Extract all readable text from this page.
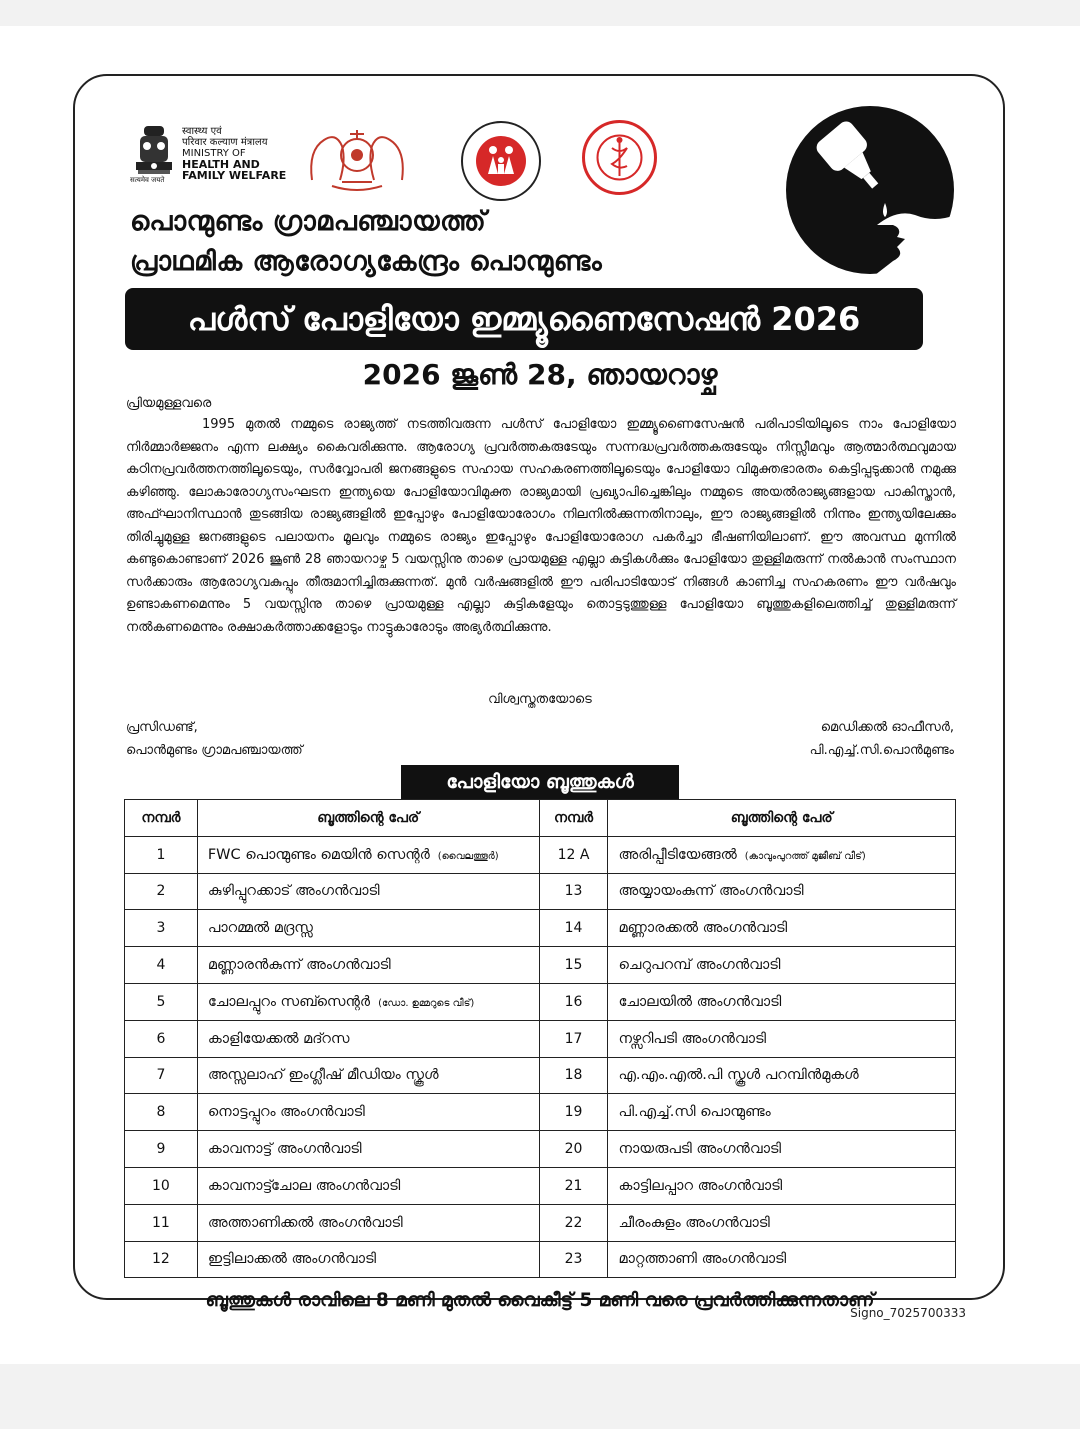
सत्यमेव जयते
स्वास्थ्य एवं
परिवार कल्याण मंत्रालय
MINISTRY OF
HEALTH AND
FAMILY WELFARE
പൊന്മുണ്ടം ഗ്രാമപഞ്ചായത്ത്
പ്രാഥമിക ആരോഗ്യകേന്ദ്രം പൊന്മുണ്ടം
പൾസ് പോളിയോ ഇമ്മ്യൂണൈസേഷൻ 2026
2026 ജൂൺ 28, ഞായറാഴ്ച
പ്രിയമുള്ളവരെ
1995 മുതൽ നമ്മുടെ രാജ്യത്ത് നടത്തിവരുന്ന പൾസ് പോളിയോ ഇമ്മ്യൂണൈസേഷൻ പരിപാടിയിലൂടെ നാം പോളിയോ നിർമ്മാർജ്ജനം എന്ന ലക്ഷ്യം കൈവരിക്കുന്നു. ആരോഗ്യ പ്രവർത്തകരുടേയും സന്നദ്ധപ്രവർത്തകരുടേയും നിസ്സീമവും ആത്മാർത്ഥവുമായ കഠിനപ്രവർത്തനത്തിലൂടെയും, സർവ്വോപരി ജനങ്ങളുടെ സഹായ സഹകരണത്തിലൂടെയും പോളിയോ വിമുക്തഭാരതം കെട്ടിപ്പടുക്കാൻ നമുക്കു കഴിഞ്ഞു. ലോകാരോഗ്യസംഘടന ഇന്ത്യയെ പോളിയോവിമുക്ത രാജ്യമായി പ്രഖ്യാപിച്ചെങ്കിലും നമ്മുടെ അയൽരാജ്യങ്ങളായ പാകിസ്താൻ, അഫ്ഘാനിസ്ഥാൻ തുടങ്ങിയ രാജ്യങ്ങളിൽ ഇപ്പോഴും പോളിയോരോഗം നിലനിൽക്കുന്നതിനാലും, ഈ രാജ്യങ്ങളിൽ നിന്നും ഇന്ത്യയിലേക്കും തിരിച്ചുമുള്ള ജനങ്ങളുടെ പലായനം മൂലവും നമ്മുടെ രാജ്യം ഇപ്പോഴും പോളിയോരോഗ പകർച്ചാ ഭീഷണിയിലാണ്. ഈ അവസ്ഥ മുന്നിൽ കണ്ടുകൊണ്ടാണ് 2026 ജൂൺ 28 ഞായറാഴ്ച 5 വയസ്സിനു താഴെ പ്രായമുള്ള എല്ലാ കുട്ടികൾക്കും പോളിയോ തുള്ളിമരുന്ന് നൽകാൻ സംസ്ഥാന സർക്കാരും ആരോഗ്യവകുപ്പും തീരുമാനിച്ചിരുക്കുന്നത്. മുൻ വർഷങ്ങളിൽ ഈ പരിപാടിയോട് നിങ്ങൾ കാണിച്ച സഹകരണം ഈ വർഷവും ഉണ്ടാകണമെന്നും 5 വയസ്സിനു താഴെ പ്രായമുള്ള എല്ലാ കുട്ടികളേയും തൊട്ടടുത്തുള്ള പോളിയോ ബൂത്തുകളിലെത്തിച്ച് തുള്ളിമരുന്ന് നൽകണമെന്നും രക്ഷാകർത്താക്കളോടും നാട്ടുകാരോടും അഭ്യർത്ഥിക്കുന്നു.
വിശ്വസ്തതയോടെ
പ്രസിഡണ്ട്,
പൊൻമുണ്ടം ഗ്രാമപഞ്ചായത്ത്
മെഡിക്കൽ ഓഫീസർ,
പി.എച്ച്.സി.പൊൻമുണ്ടം
പോളിയോ ബൂത്തുകൾ
നമ്പർ	ബൂത്തിന്റെ പേര്	നമ്പർ	ബൂത്തിന്റെ പേര്
1	FWC പൊന്മുണ്ടം മെയിൻ സെന്റർ (വൈലത്തൂർ)	12 A	അരിപ്പീടിയേങ്ങൽ (കാവുംപുറത്ത് മുജീബ് വീട്)
2	കുഴിപ്പുറക്കാട് അംഗൻവാടി	13	അയ്യായംകുന്ന് അംഗൻവാടി
3	പാറമ്മൽ മദ്രസ്സ	14	മണ്ണാരക്കൽ അംഗൻവാടി
4	മണ്ണാരൻകുന്ന് അംഗൻവാടി	15	ചെറുപറമ്പ് അംഗൻവാടി
5	ചോലപ്പുറം സബ്സെന്റർ (ഡോ. ഉമ്മറുടെ വീട്)	16	ചോലയിൽ അംഗൻവാടി
6	കാളിയേക്കൽ മദ്റസ	17	നഴ്സറിപടി അംഗൻവാടി
7	അസ്സലാഹ് ഇംഗ്ലീഷ് മീഡിയം സ്കൂൾ	18	എ.എം.എൽ.പി സ്കൂൾ പറമ്പിൻമുകൾ
8	നൊട്ടപ്പുറം അംഗൻവാടി	19	പി.എച്ച്.സി പൊന്മുണ്ടം
9	കാവനാട്ട് അംഗൻവാടി	20	നായരുപടി അംഗൻവാടി
10	കാവനാട്ട്ചോല അംഗൻവാടി	21	കാട്ടിലപ്പാറ അംഗൻവാടി
11	അത്താണിക്കൽ അംഗൻവാടി	22	ചീരംകുളം അംഗൻവാടി
12	ഇട്ടിലാക്കൽ അംഗൻവാടി	23	മാറ്റത്താണി അംഗൻവാടി
ബൂത്തുകൾ രാവിലെ 8 മണി മുതൽ വൈകീട്ട് 5 മണി വരെ പ്രവർത്തിക്കുന്നതാണ്
Signo_7025700333
